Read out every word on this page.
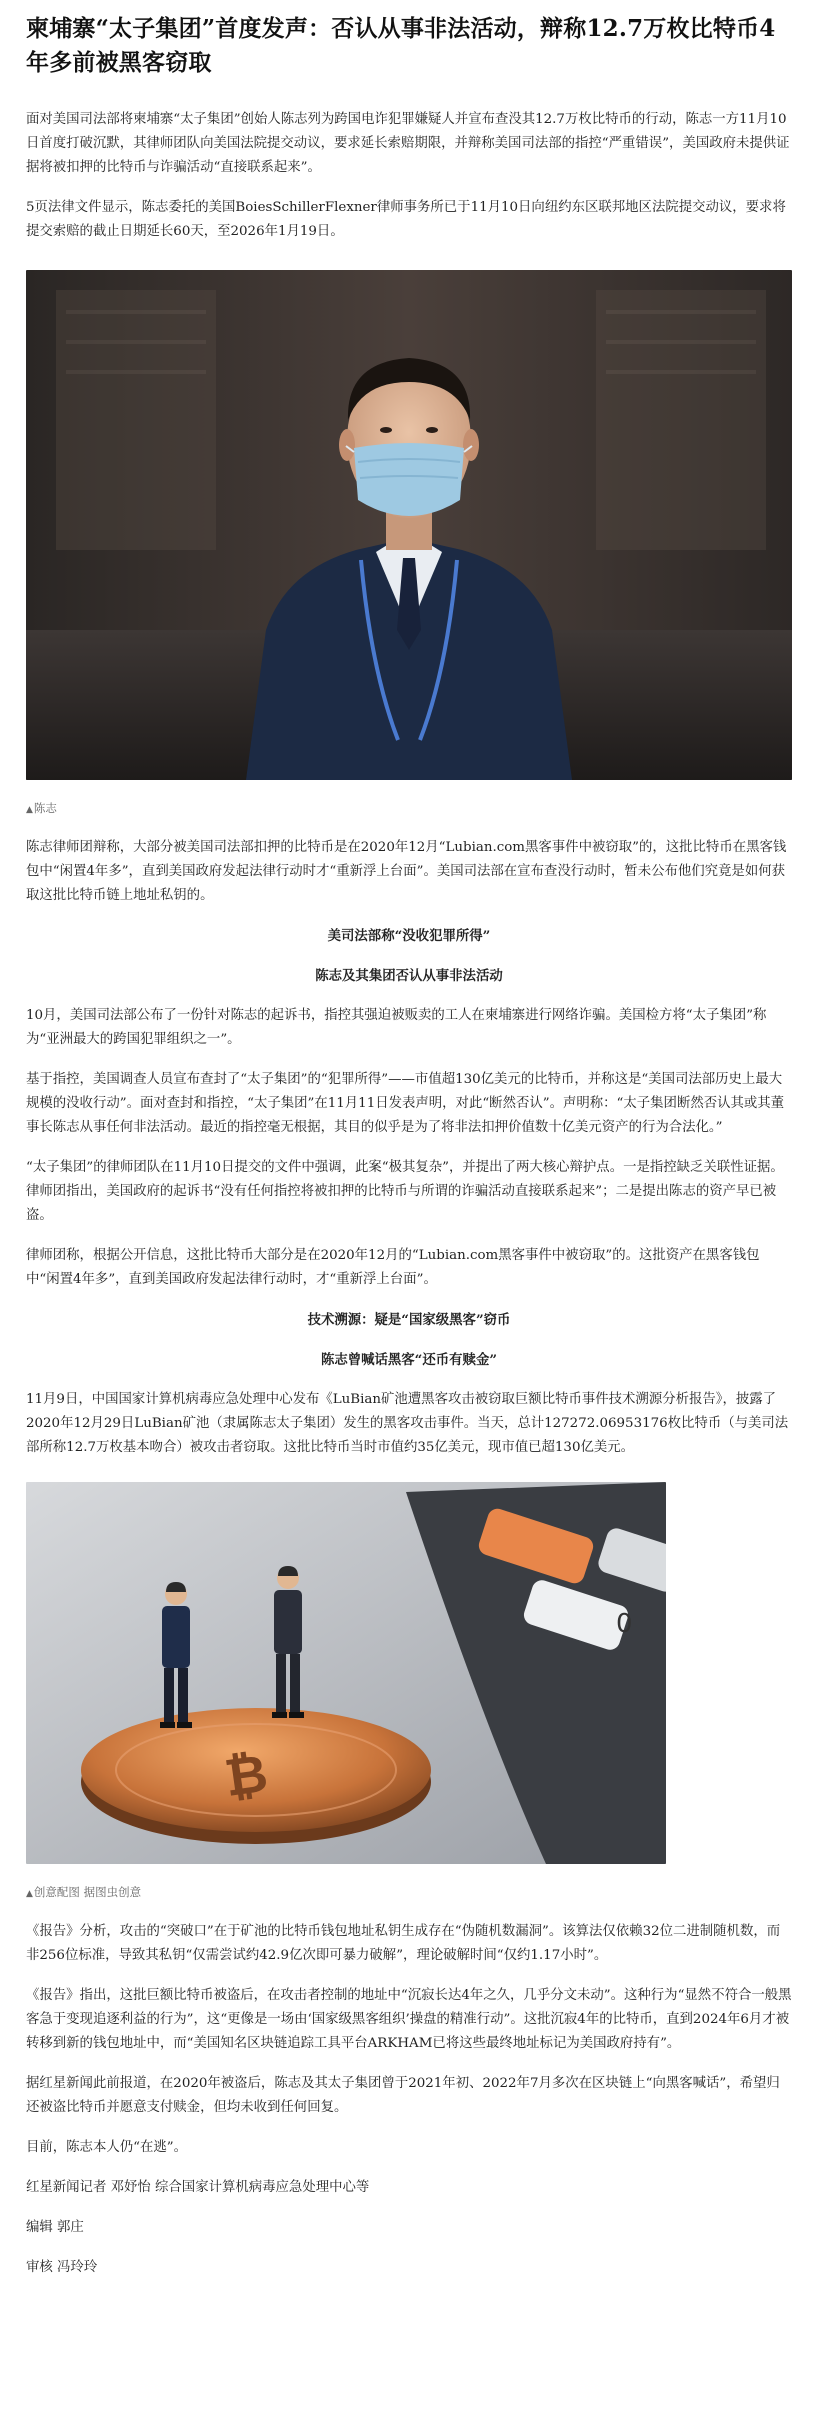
柬埔寨“太子集团”首度发声：否认从事非法活动，辩称12.7万枚比特币4年多前被黑客窃取

面对美国司法部将柬埔寨“太子集团”创始人陈志列为跨国电诈犯罪嫌疑人并宣布查没其12.7万枚比特币的行动，陈志一方11月10日首度打破沉默，其律师团队向美国法院提交动议，要求延长索赔期限，并辩称美国司法部的指控“严重错误”，美国政府未提供证据将被扣押的比特币与诈骗活动“直接联系起来”。

5页法律文件显示，陈志委托的美国BoiesSchillerFlexner律师事务所已于11月10日向纽约东区联邦地区法院提交动议，要求将提交索赔的截止日期延长60天，至2026年1月19日。

▲陈志

陈志律师团辩称，大部分被美国司法部扣押的比特币是在2020年12月“Lubian.com黑客事件中被窃取”的，这批比特币在黑客钱包中“闲置4年多”，直到美国政府发起法律行动时才“重新浮上台面”。美国司法部在宣布查没行动时，暂未公布他们究竟是如何获取这批比特币链上地址私钥的。

美司法部称“没收犯罪所得”
陈志及其集团否认从事非法活动

10月，美国司法部公布了一份针对陈志的起诉书，指控其强迫被贩卖的工人在柬埔寨进行网络诈骗。美国检方将“太子集团”称为“亚洲最大的跨国犯罪组织之一”。

基于指控，美国调查人员宣布查封了“太子集团”的“犯罪所得”——市值超130亿美元的比特币，并称这是“美国司法部历史上最大规模的没收行动”。面对查封和指控，“太子集团”在11月11日发表声明，对此“断然否认”。声明称：“太子集团断然否认其或其董事长陈志从事任何非法活动。最近的指控毫无根据，其目的似乎是为了将非法扣押价值数十亿美元资产的行为合法化。”

“太子集团”的律师团队在11月10日提交的文件中强调，此案“极其复杂”，并提出了两大核心辩护点。一是指控缺乏关联性证据。律师团指出，美国政府的起诉书“没有任何指控将被扣押的比特币与所谓的诈骗活动直接联系起来”；二是提出陈志的资产早已被盗。

律师团称，根据公开信息，这批比特币大部分是在2020年12月的“Lubian.com黑客事件中被窃取”的。这批资产在黑客钱包中“闲置4年多”，直到美国政府发起法律行动时，才“重新浮上台面”。

技术溯源：疑是“国家级黑客”窃币
陈志曾喊话黑客“还币有赎金”

11月9日，中国国家计算机病毒应急处理中心发布《LuBian矿池遭黑客攻击被窃取巨额比特币事件技术溯源分析报告》，披露了2020年12月29日LuBian矿池（隶属陈志太子集团）发生的黑客攻击事件。当天，总计127272.06953176枚比特币（与美司法部所称12.7万枚基本吻合）被攻击者窃取。这批比特币当时市值约35亿美元，现市值已超130亿美元。

0
₿
▲创意配图 据图虫创意

《报告》分析，攻击的“突破口”在于矿池的比特币钱包地址私钥生成存在“伪随机数漏洞”。该算法仅依赖32位二进制随机数，而非256位标准，导致其私钥“仅需尝试约42.9亿次即可暴力破解”，理论破解时间“仅约1.17小时”。

《报告》指出，这批巨额比特币被盗后，在攻击者控制的地址中“沉寂长达4年之久，几乎分文未动”。这种行为“显然不符合一般黑客急于变现追逐利益的行为”，这“更像是一场由‘国家级黑客组织’操盘的精准行动”。这批沉寂4年的比特币，直到2024年6月才被转移到新的钱包地址中，而“美国知名区块链追踪工具平台ARKHAM已将这些最终地址标记为美国政府持有”。

据红星新闻此前报道，在2020年被盗后，陈志及其太子集团曾于2021年初、2022年7月多次在区块链上“向黑客喊话”，希望归还被盗比特币并愿意支付赎金，但均未收到任何回复。

目前，陈志本人仍“在逃”。

红星新闻记者 邓妤怡 综合国家计算机病毒应急处理中心等

编辑 郭庄

审核 冯玲玲
